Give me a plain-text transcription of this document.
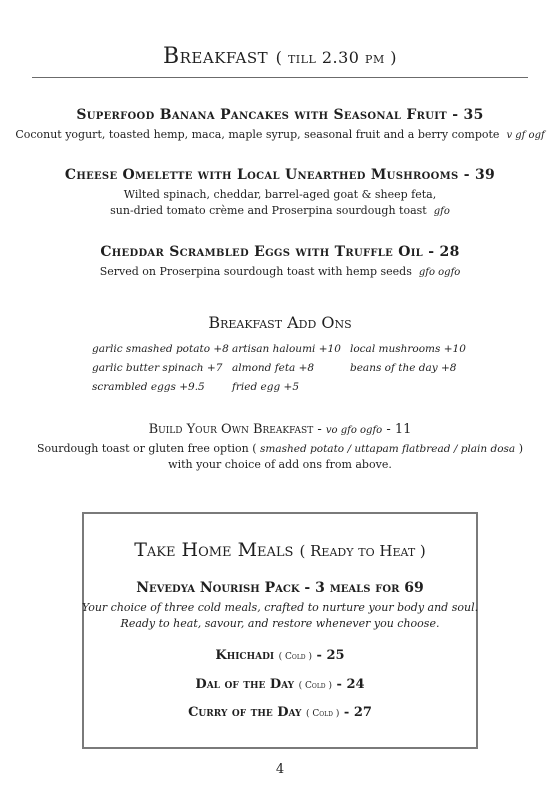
Breakfast ( till 2.30 pm )
Superfood Banana Pancakes with Seasonal Fruit - 35
Coconut yogurt, toasted hemp, maca, maple syrup, seasonal fruit and a berry compote v gf ogf
Cheese Omelette with Local Unearthed Mushrooms - 39
Wilted spinach, cheddar, barrel-aged goat & sheep feta,
sun-dried tomato crème and Proserpina sourdough toast gfo
Cheddar Scrambled Eggs with Truffle Oil - 28
Served on Proserpina sourdough toast with hemp seeds gfo ogfo
Breakfast Add Ons
garlic smashed potato +8 artisan haloumi +10 local mushrooms +10
garlic butter spinach +7 almond feta +8	beans of the day +8
scrambled eggs +9.5	fried egg +5
Build Your Own Breakfast - vo gfo ogfo - 11
Sourdough toast or gluten free option ( smashed potato / uttapam flatbread / plain dosa )
with your choice of add ons from above.
Take Home Meals ( Ready to Heat )
Nevedya Nourish Pack - 3 meals for 69
Your choice of three cold meals, crafted to nurture your body and soul.
Ready to heat, savour, and restore whenever you choose.
Khichadi ( Cold ) - 25
Dal of the Day ( Cold ) - 24
Curry of the Day ( Cold ) - 27
4
